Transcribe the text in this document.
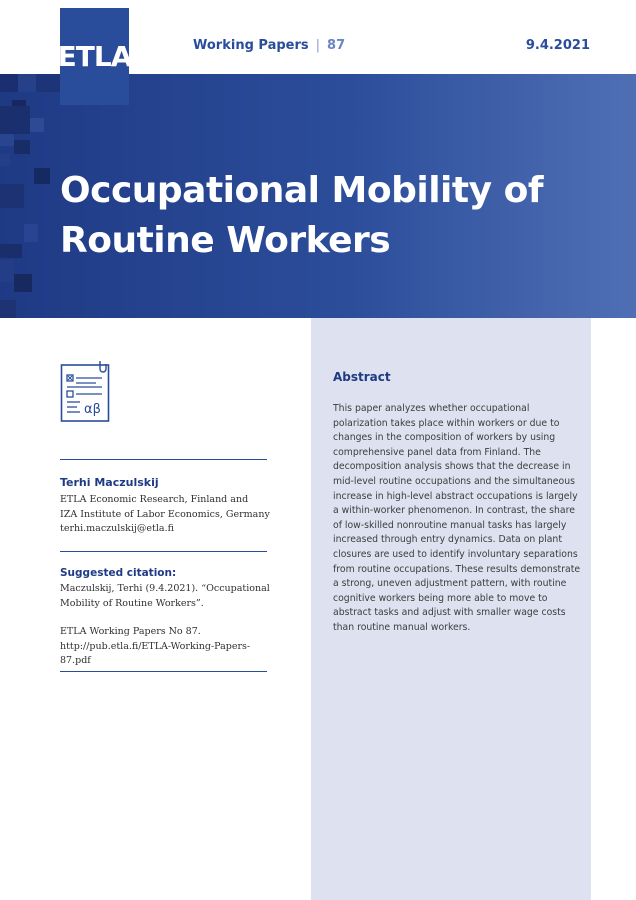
ETLA	Working Papers | 87	9.4.2021
Occupational Mobility of
Routine Workers
αβ
Terhi Maczulskij
ETLA Economic Research, Finland and
IZA Institute of Labor Economics, Germany
terhi.maczulskij@etla.fi
Suggested citation:
Maczulskij, Terhi (9.4.2021). “Occupational
Mobility of Routine Workers”.
ETLA Working Papers No 87.
http://pub.etla.fi/ETLA-Working-Papers-87.pdf
Abstract
This paper analyzes whether occupational polarization takes place within workers or due to changes in the composition of workers by using comprehensive panel data from Finland. The decomposition analysis shows that the decrease in mid-level routine occupations and the simultaneous increase in high-level abstract occupations is largely a within-worker phenomenon. In contrast, the share of low-skilled nonroutine manual tasks has largely increased through entry dynamics. Data on plant closures are used to identify involuntary separations from routine occupations. These results demonstrate a strong, uneven adjustment pattern, with routine cognitive workers being more able to move to abstract tasks and adjust with smaller wage costs than routine manual workers.
